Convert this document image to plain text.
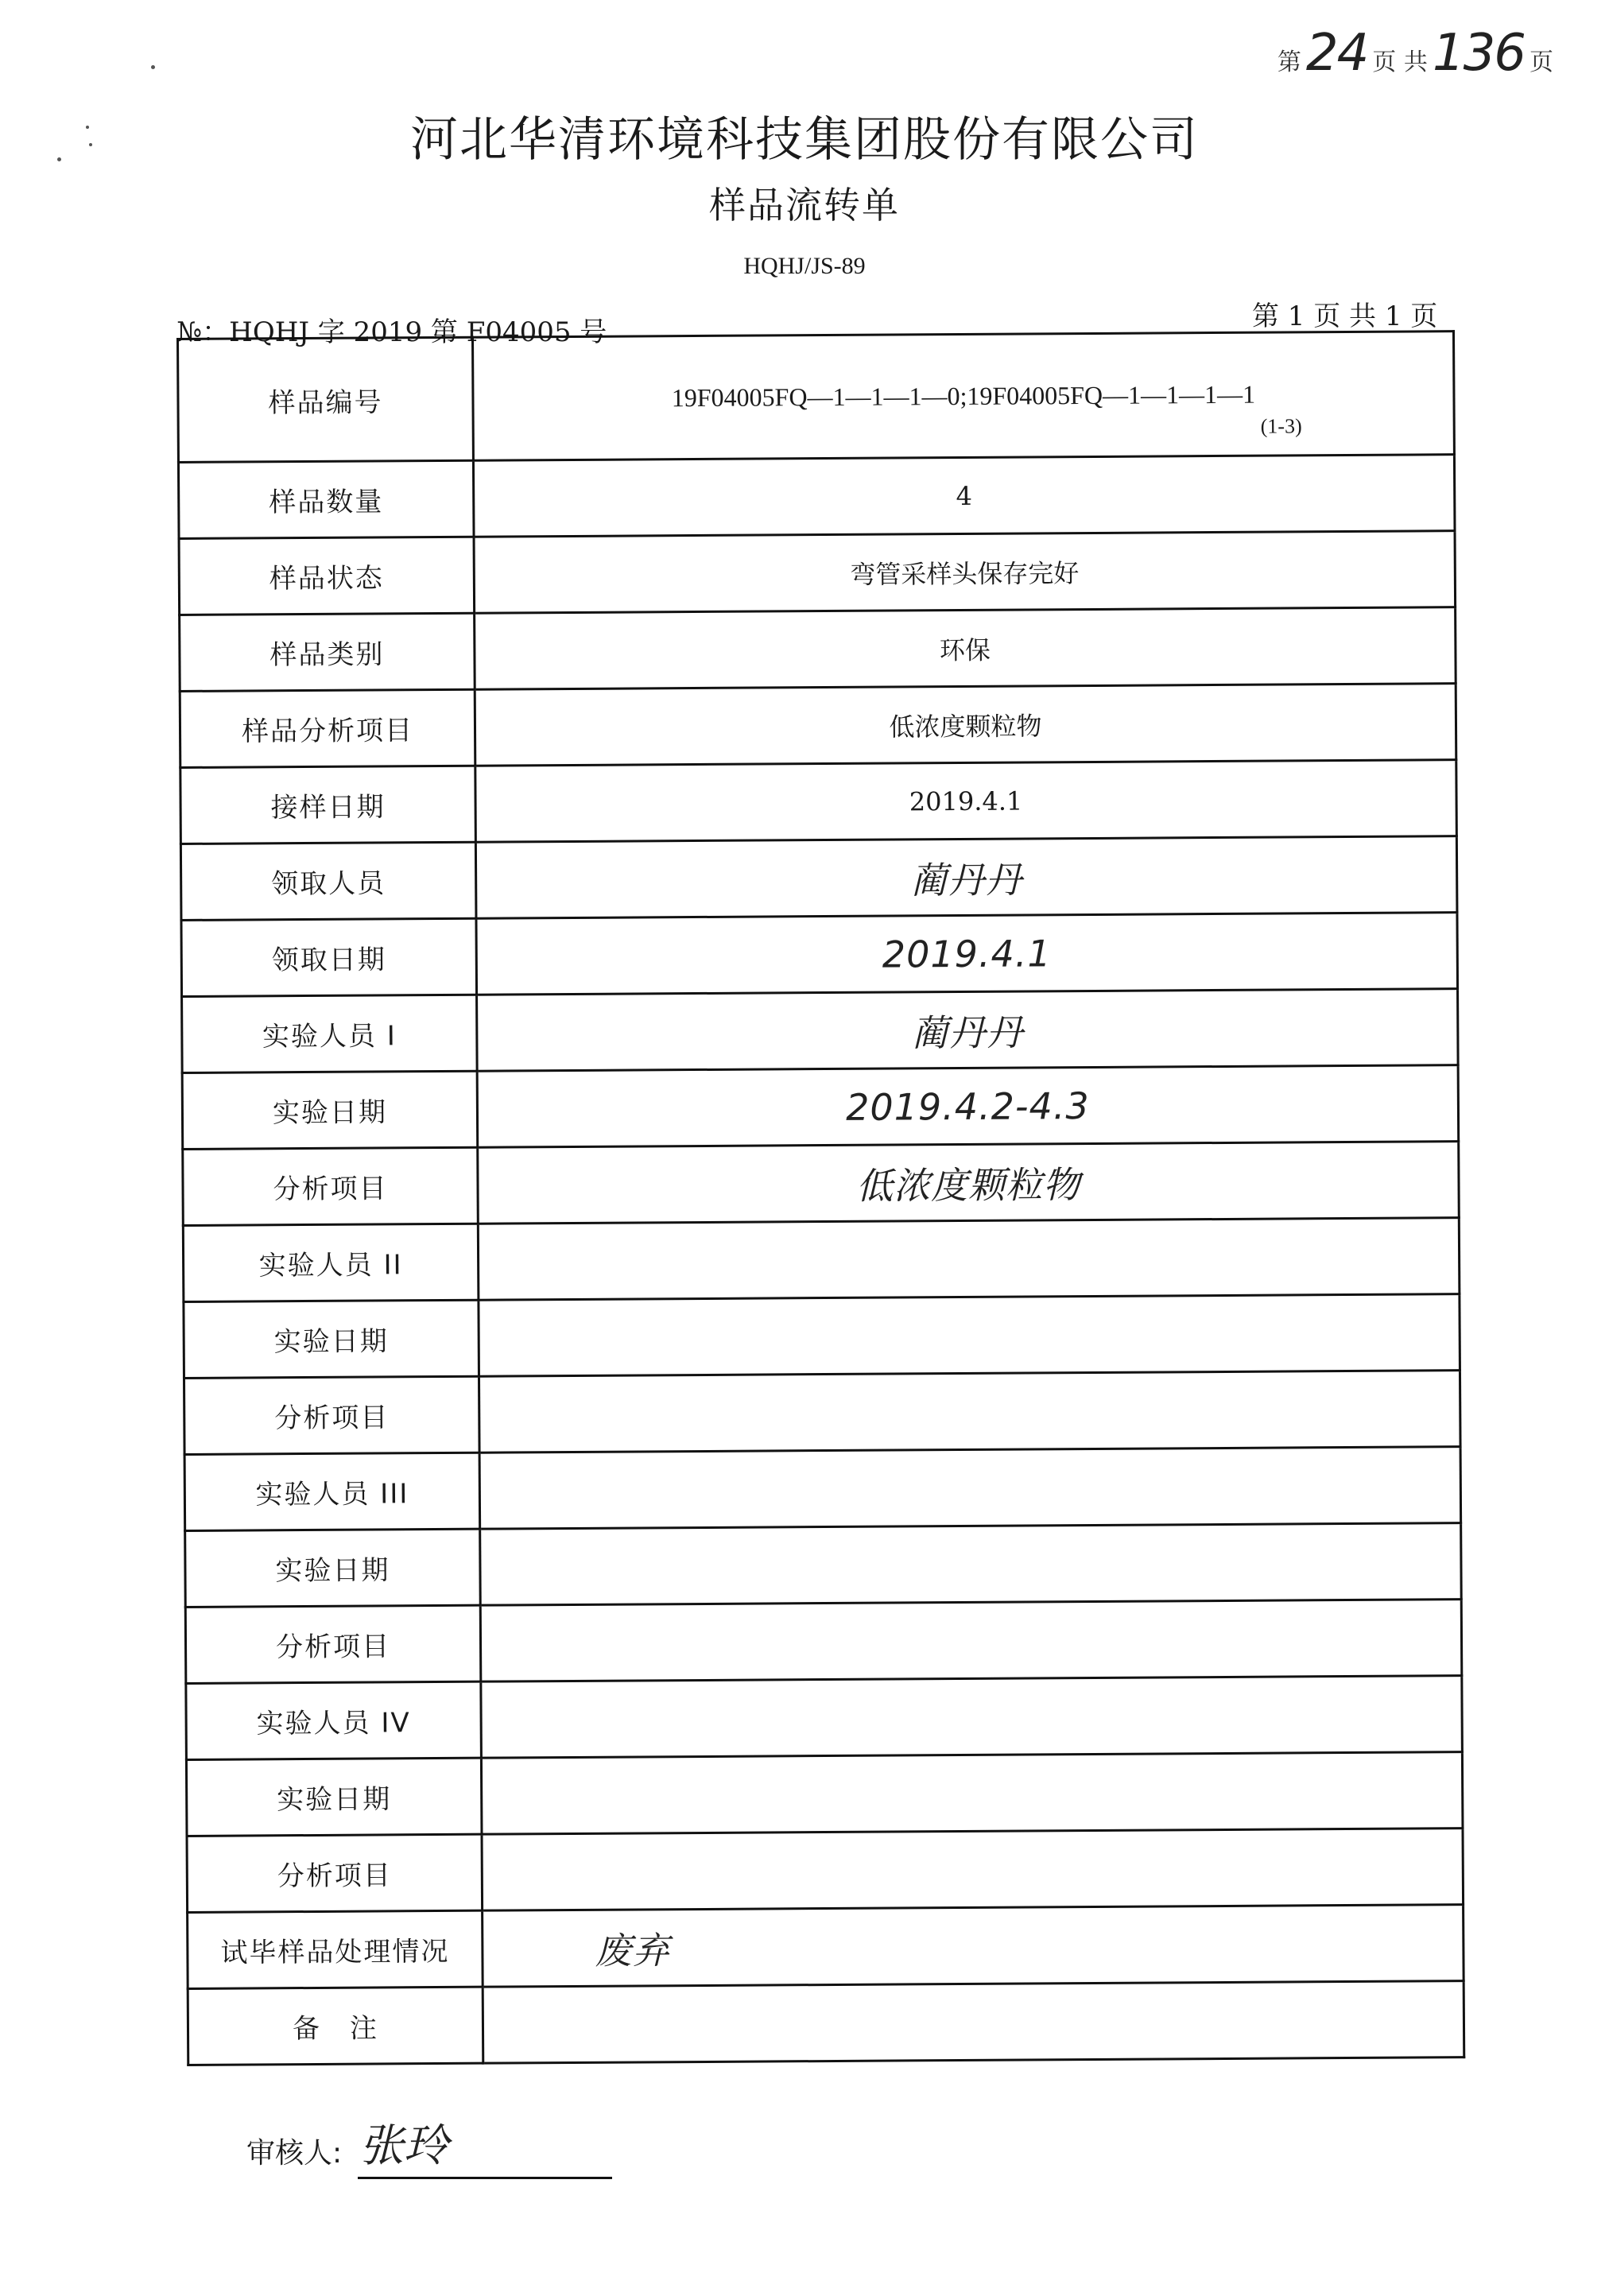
第24 页 共136 页
河北华清环境科技集团股份有限公司
样品流转单
HQHJ/JS-89
№：HQHJ 字 2019 第 F04005 号	第 1 页 共 1 页
样品编号	19F04005FQ—1—1—1—0;19F04005FQ—1—1—1—1
(1-3)

样品数量	4
样品状态	弯管采样头保存完好
样品类别	环保
样品分析项目	低浓度颗粒物
接样日期	2019.4.1
领取人员	蔺丹丹
领取日期	2019.4.1
实验人员 I	蔺丹丹
实验日期	2019.4.2-4.3
分析项目	低浓度颗粒物
实验人员 II	
实验日期	
分析项目	
实验人员 III	
实验日期	
分析项目	
实验人员 IV	
实验日期	
分析项目	
试毕样品处理情况	废弃
备　注	
审核人: 张玲
